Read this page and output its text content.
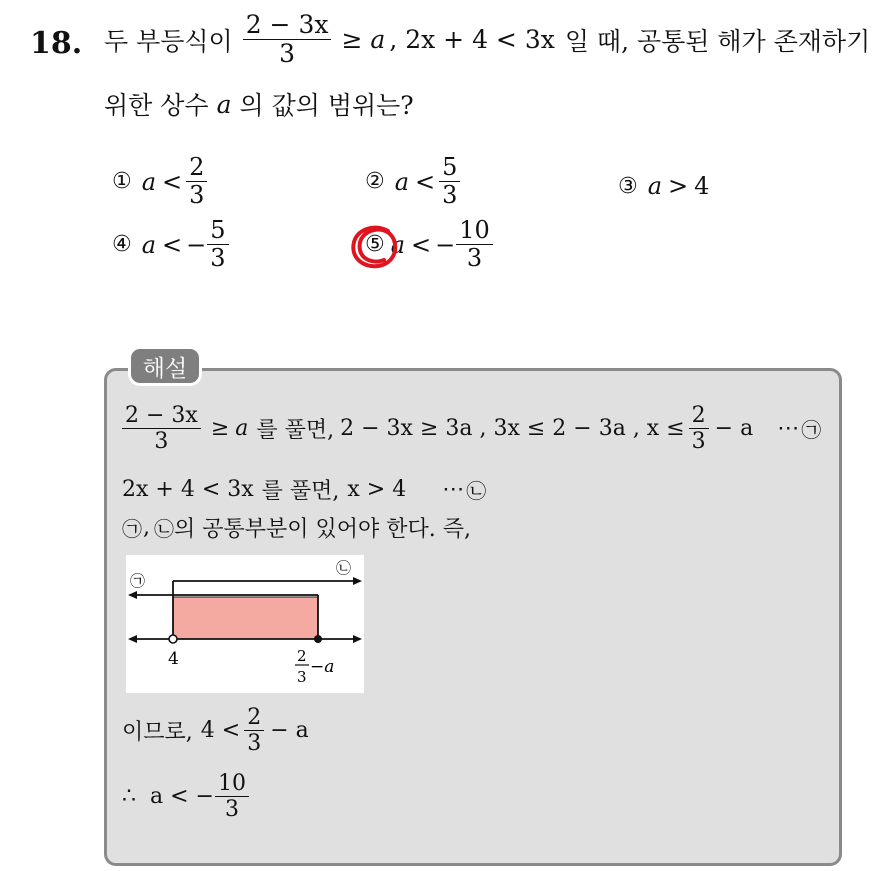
18. 두 부등식이 $\frac{2 - 3x}{3} \ge a$ , 2x + 4 < 3x 일 때, 공통된 해가 존재하기
위한 상수 a 의 값의 범위는?
① $a < \frac{2}{3}$	② $a < \frac{5}{3}$	③ a > 4
④ a < − $\frac{5}{3}$	⑤ a < − $\frac{10}{3}$
해설
$\frac{2 - 3x}{3} \ge a$ 를 풀면, 2 − 3x ≥ 3a , 3x ≤ 2 − 3a , $x \le \frac{2}{3} - a$ ⋯ ㉠
2x + 4 < 3x 를 풀면, x > 4 ⋯ ㉡
㉠ , ㉡ 의 공통부분이 있어야 한다. 즉,
㉠
㉡
4	2
3 −a
이므로, $4 < \frac{2}{3} - a$
∴ a < − $\frac{10}{3}$
